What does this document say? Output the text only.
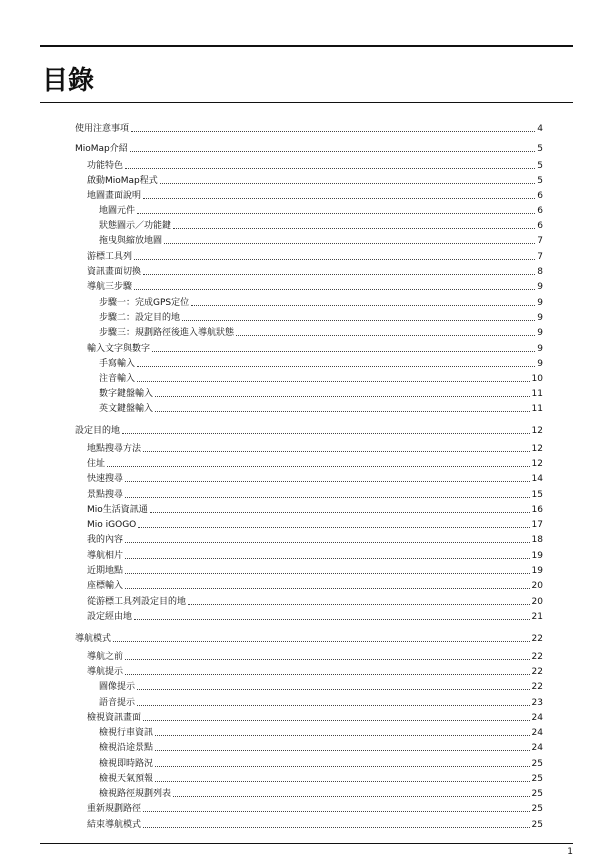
目錄
使用注意事項	4
MioMap介紹	5
功能特色	5
啟動MioMap程式	5
地圖畫面說明	6
地圖元件	6
狀態圖示／功能鍵	6
拖曳與縮放地圖	7
游標工具列	7
資訊畫面切換	8
導航三步驟	9
步驟一：完成GPS定位	9
步驟二：設定目的地	9
步驟三：規劃路徑後進入導航狀態	9
輸入文字與數字	9
手寫輸入	9
注音輸入	10
數字鍵盤輸入	11
英文鍵盤輸入	11
設定目的地	12
地點搜尋方法	12
住址	12
快速搜尋	14
景點搜尋	15
Mio生活資訊通	16
Mio iGOGO	17
我的內容	18
導航相片	19
近期地點	19
座標輸入	20
從游標工具列設定目的地	20
設定經由地	21
導航模式	22
導航之前	22
導航提示	22
圖像提示	22
語音提示	23
檢視資訊畫面	24
檢視行車資訊	24
檢視沿途景點	24
檢視即時路況	25
檢視天氣預報	25
檢視路徑規劃列表	25
重新規劃路徑	25
結束導航模式	25
1
